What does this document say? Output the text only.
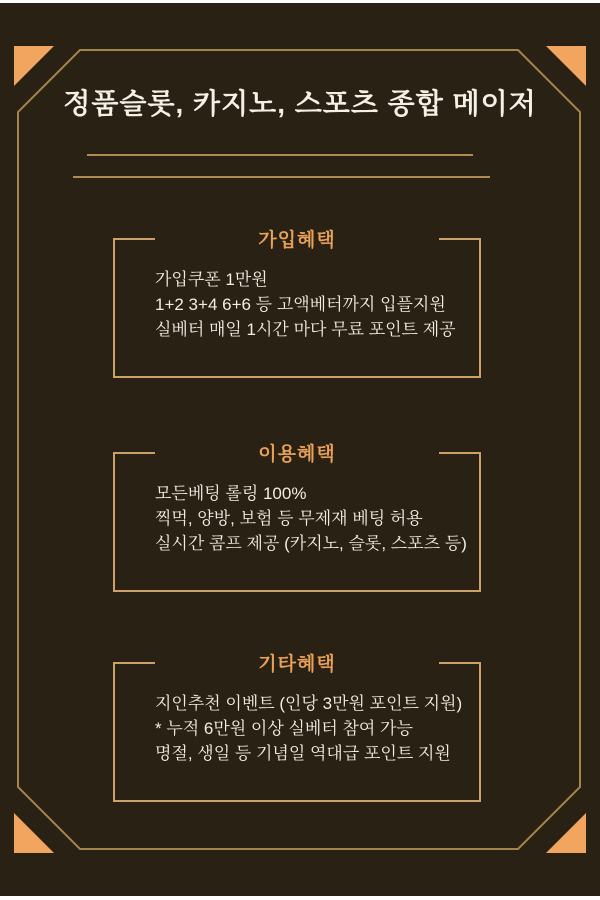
정품슬롯, 카지노, 스포츠 종합 메이저
가입혜택

가입쿠폰 1만원

1+2 3+4 6+6 등 고액베터까지 입플지원

실베터 매일 1시간 마다 무료 포인트 제공

이용혜택

모든베팅 롤링 100%

찍먹, 양방, 보험 등 무제재 베팅 허용

실시간 콤프 제공 (카지노, 슬롯, 스포츠 등)

기타혜택

지인추천 이벤트 (인당 3만원 포인트 지원)

* 누적 6만원 이상 실베터 참여 가능

명절, 생일 등 기념일 역대급 포인트 지원
